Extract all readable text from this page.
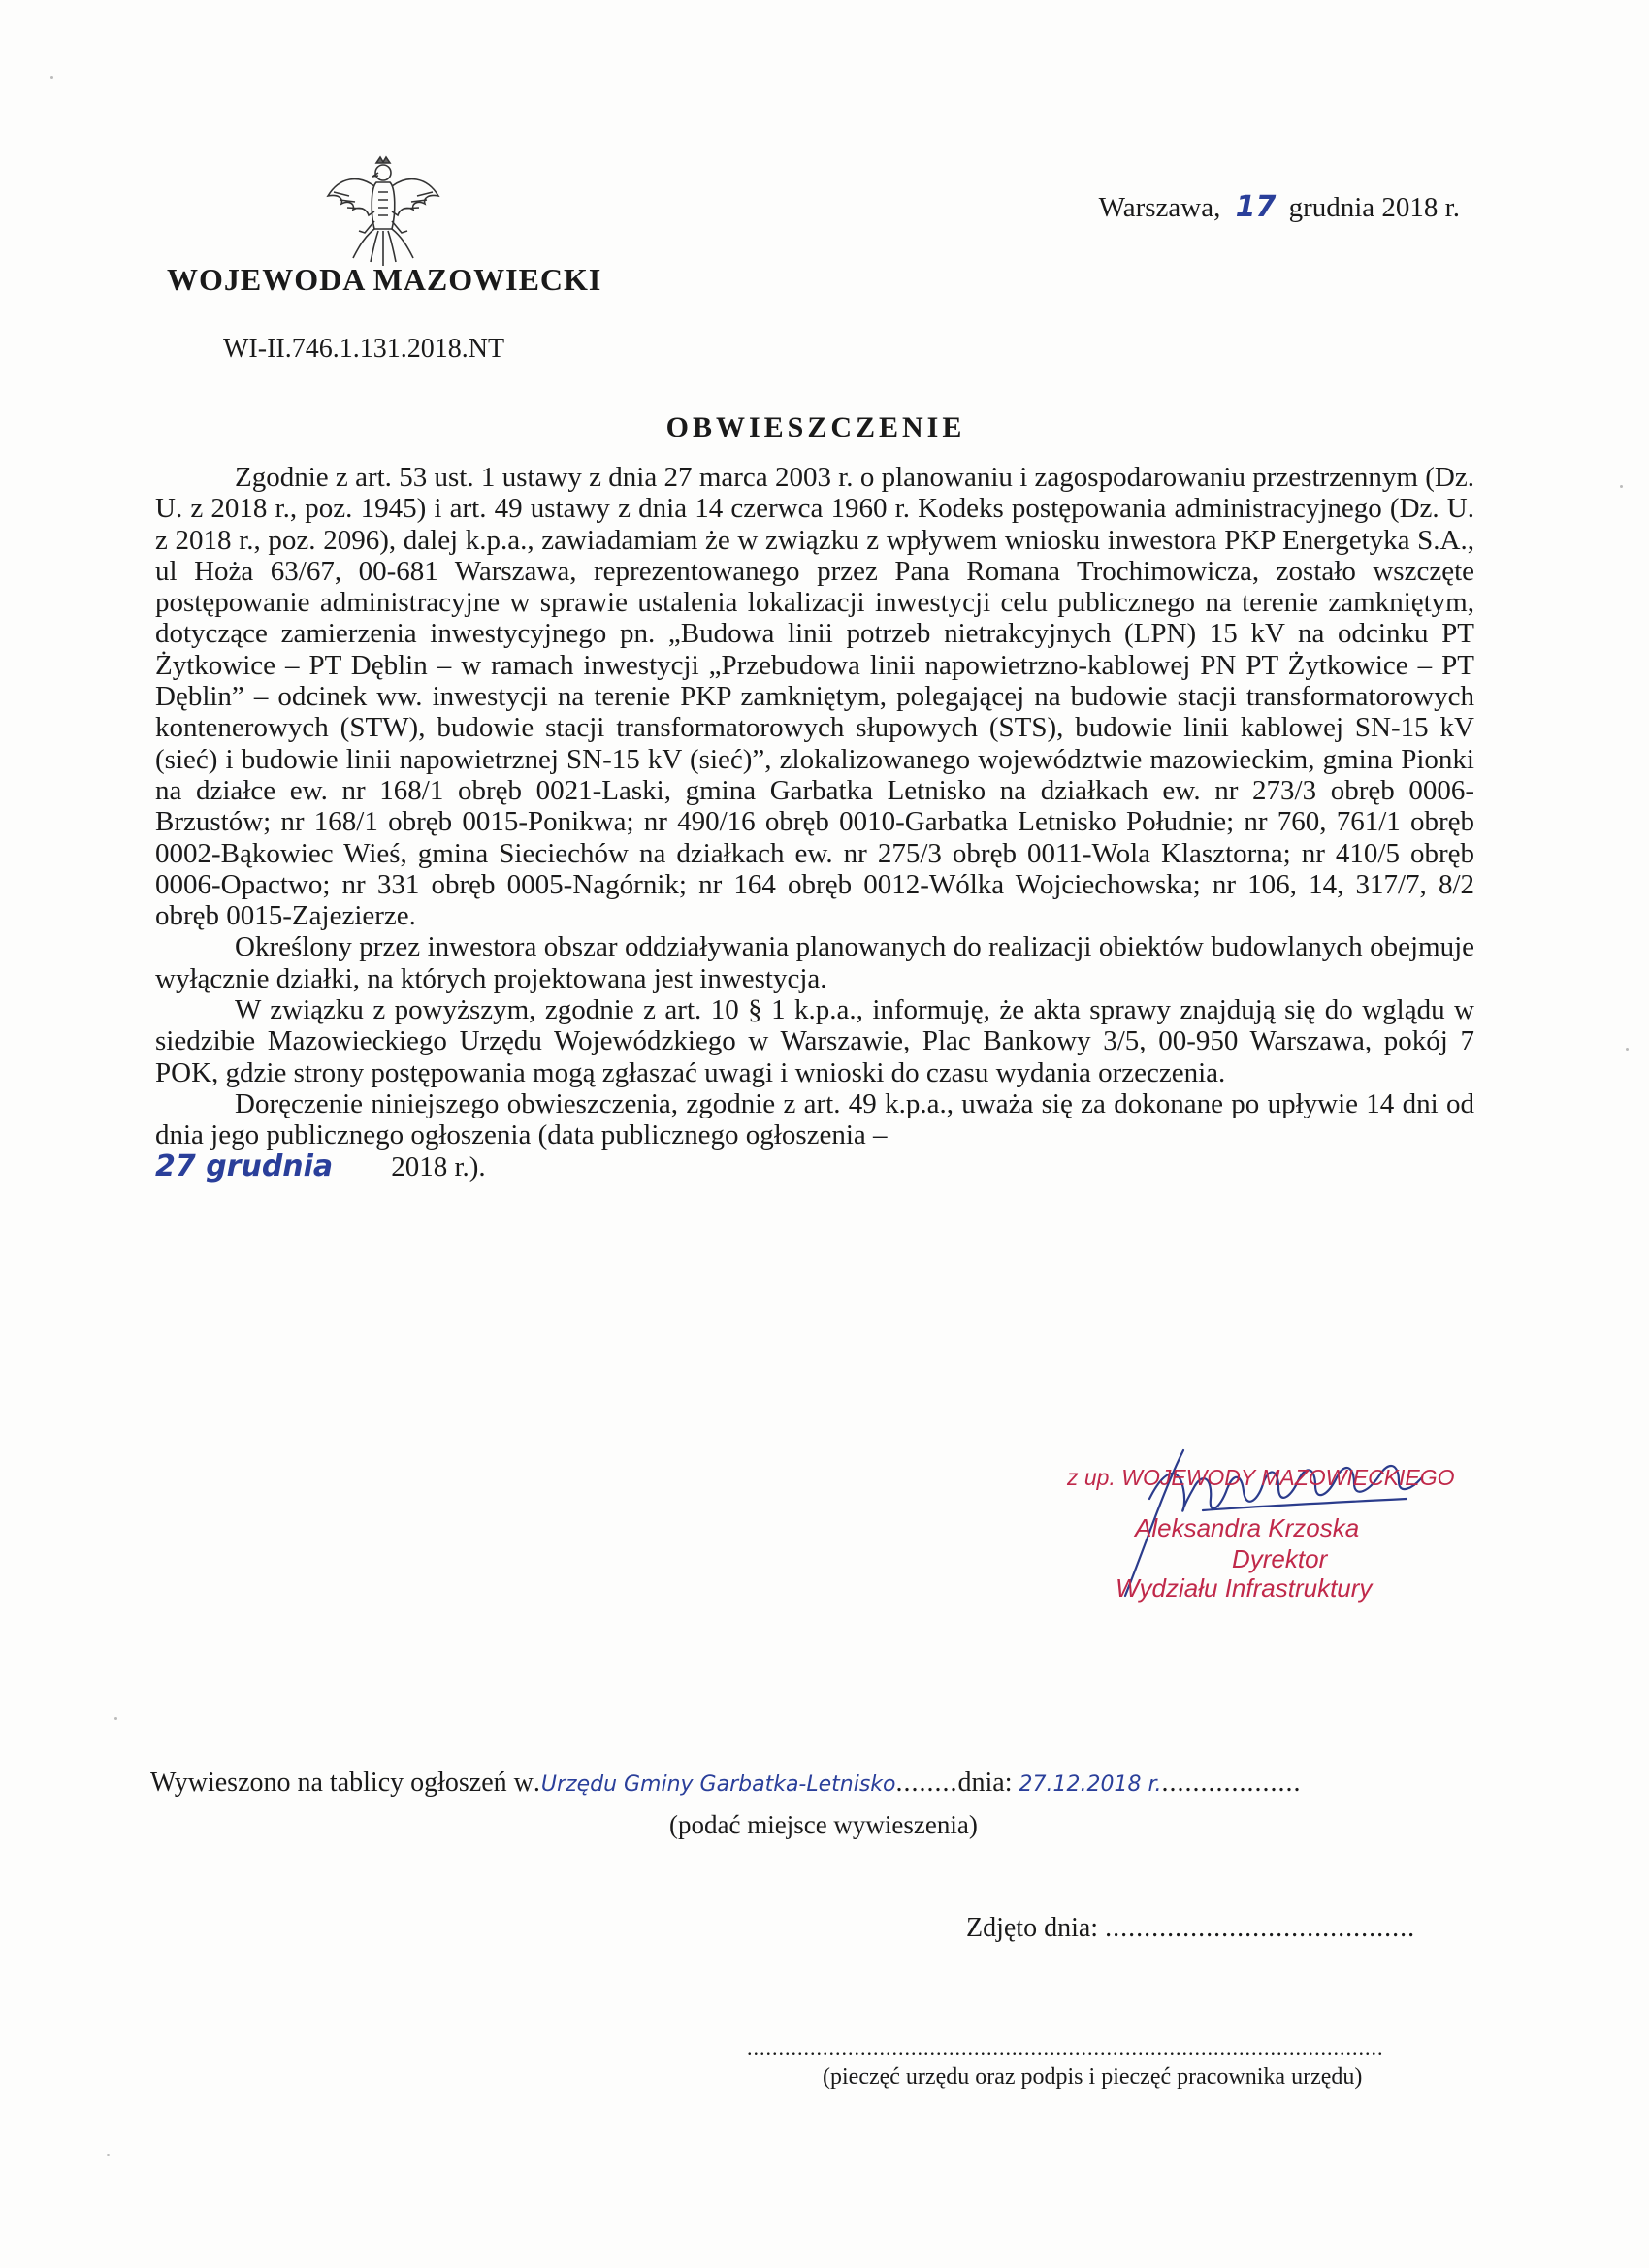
WOJEWODA MAZOWIECKI
WI-II.746.1.131.2018.NT
Warszawa, 17 grudnia 2018 r.
OBWIESZCZENIE

Zgodnie z art. 53 ust. 1 ustawy z dnia 27 marca 2003 r. o planowaniu i zagospodarowaniu przestrzennym (Dz. U. z 2018 r., poz. 1945) i art. 49 ustawy z dnia 14 czerwca 1960 r. Kodeks postępowania administracyjnego (Dz. U. z 2018 r., poz. 2096), dalej k.p.a., zawiadamiam że w związku z wpływem wniosku inwestora PKP Energetyka S.A., ul Hoża 63/67, 00-681 Warszawa, reprezentowanego przez Pana Romana Trochimowicza, zostało wszczęte postępowanie administracyjne w sprawie ustalenia lokalizacji inwestycji celu publicznego na terenie zamkniętym, dotyczące zamierzenia inwestycyjnego pn. „Budowa linii potrzeb nietrakcyjnych (LPN) 15 kV na odcinku PT Żytkowice – PT Dęblin – w ramach inwestycji „Przebudowa linii napowietrzno-kablowej PN PT Żytkowice – PT Dęblin” – odcinek ww. inwestycji na terenie PKP zamkniętym, polegającej na budowie stacji transformatorowych kontenerowych (STW), budowie stacji transformatorowych słupowych (STS), budowie linii kablowej SN-15 kV (sieć) i budowie linii napowietrznej SN-15 kV (sieć)”, zlokalizowanego województwie mazowieckim, gmina Pionki na działce ew. nr 168/1 obręb 0021-Laski, gmina Garbatka Letnisko na działkach ew. nr 273/3 obręb 0006-Brzustów; nr 168/1 obręb 0015-Ponikwa; nr 490/16 obręb 0010-Garbatka Letnisko Południe; nr 760, 761/1 obręb 0002-Bąkowiec Wieś, gmina Sieciechów na działkach ew. nr 275/3 obręb 0011-Wola Klasztorna; nr 410/5 obręb 0006-Opactwo; nr 331 obręb 0005-Nagórnik; nr 164 obręb 0012-Wólka Wojciechowska; nr 106, 14, 317/7, 8/2 obręb 0015-Zajezierze.

Określony przez inwestora obszar oddziaływania planowanych do realizacji obiektów budowlanych obejmuje wyłącznie działki, na których projektowana jest inwestycja.

W związku z powyższym, zgodnie z art. 10 § 1 k.p.a., informuję, że akta sprawy znajdują się do wglądu w siedzibie Mazowieckiego Urzędu Wojewódzkiego w Warszawie, Plac Bankowy 3/5, 00-950 Warszawa, pokój 7 POK, gdzie strony postępowania mogą zgłaszać uwagi i wnioski do czasu wydania orzeczenia.

Doręczenie niniejszego obwieszczenia, zgodnie z art. 49 k.p.a., uważa się za dokonane po upływie 14 dni od dnia jego publicznego ogłoszenia (data publicznego ogłoszenia –

27 grudnia 2018 r.).

z up. WOJEWODY MAZOWIECKIEGO
Aleksandra Krzoska
Dyrektor
Wydziału Infrastruktury
Wywieszono na tablicy ogłoszeń w.Urzędu Gminy Garbatka-Letnisko........dnia: 27.12.2018 r...................
(podać miejsce wywieszenia)
Zdjęto dnia: ........................................
.....................................................................................................
(pieczęć urzędu oraz podpis i pieczęć pracownika urzędu)
